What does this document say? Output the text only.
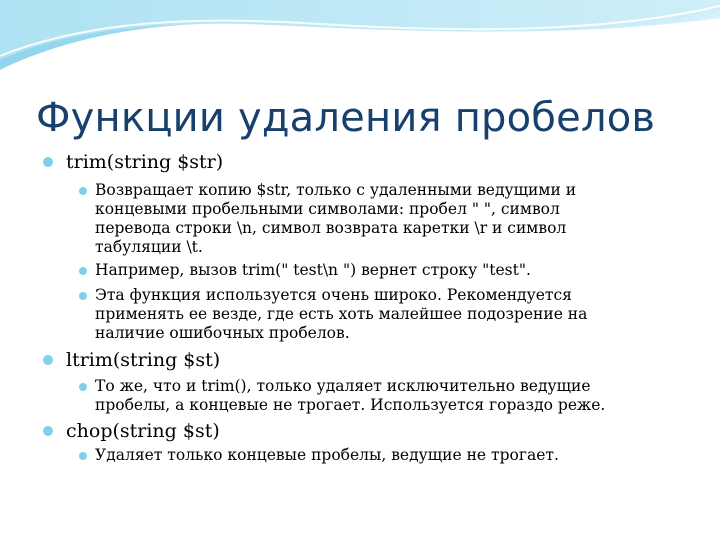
Функции удаления пробелов
trim(string $str)
Возвращает копию $str, только с удаленными ведущими и
концевыми пробельными символами: пробел " ", символ
перевода строки \n, символ возврата каретки \r и символ
табуляции \t.
Например, вызов trim(" test\n ") вернет строку "test".
Эта функция используется очень широко. Рекомендуется
применять ее везде, где есть хоть малейшее подозрение на
наличие ошибочных пробелов.
ltrim(string $st)
То же, что и trim(), только удаляет исключительно ведущие
пробелы, а концевые не трогает. Используется гораздо реже.
chop(string $st)
Удаляет только концевые пробелы, ведущие не трогает.
